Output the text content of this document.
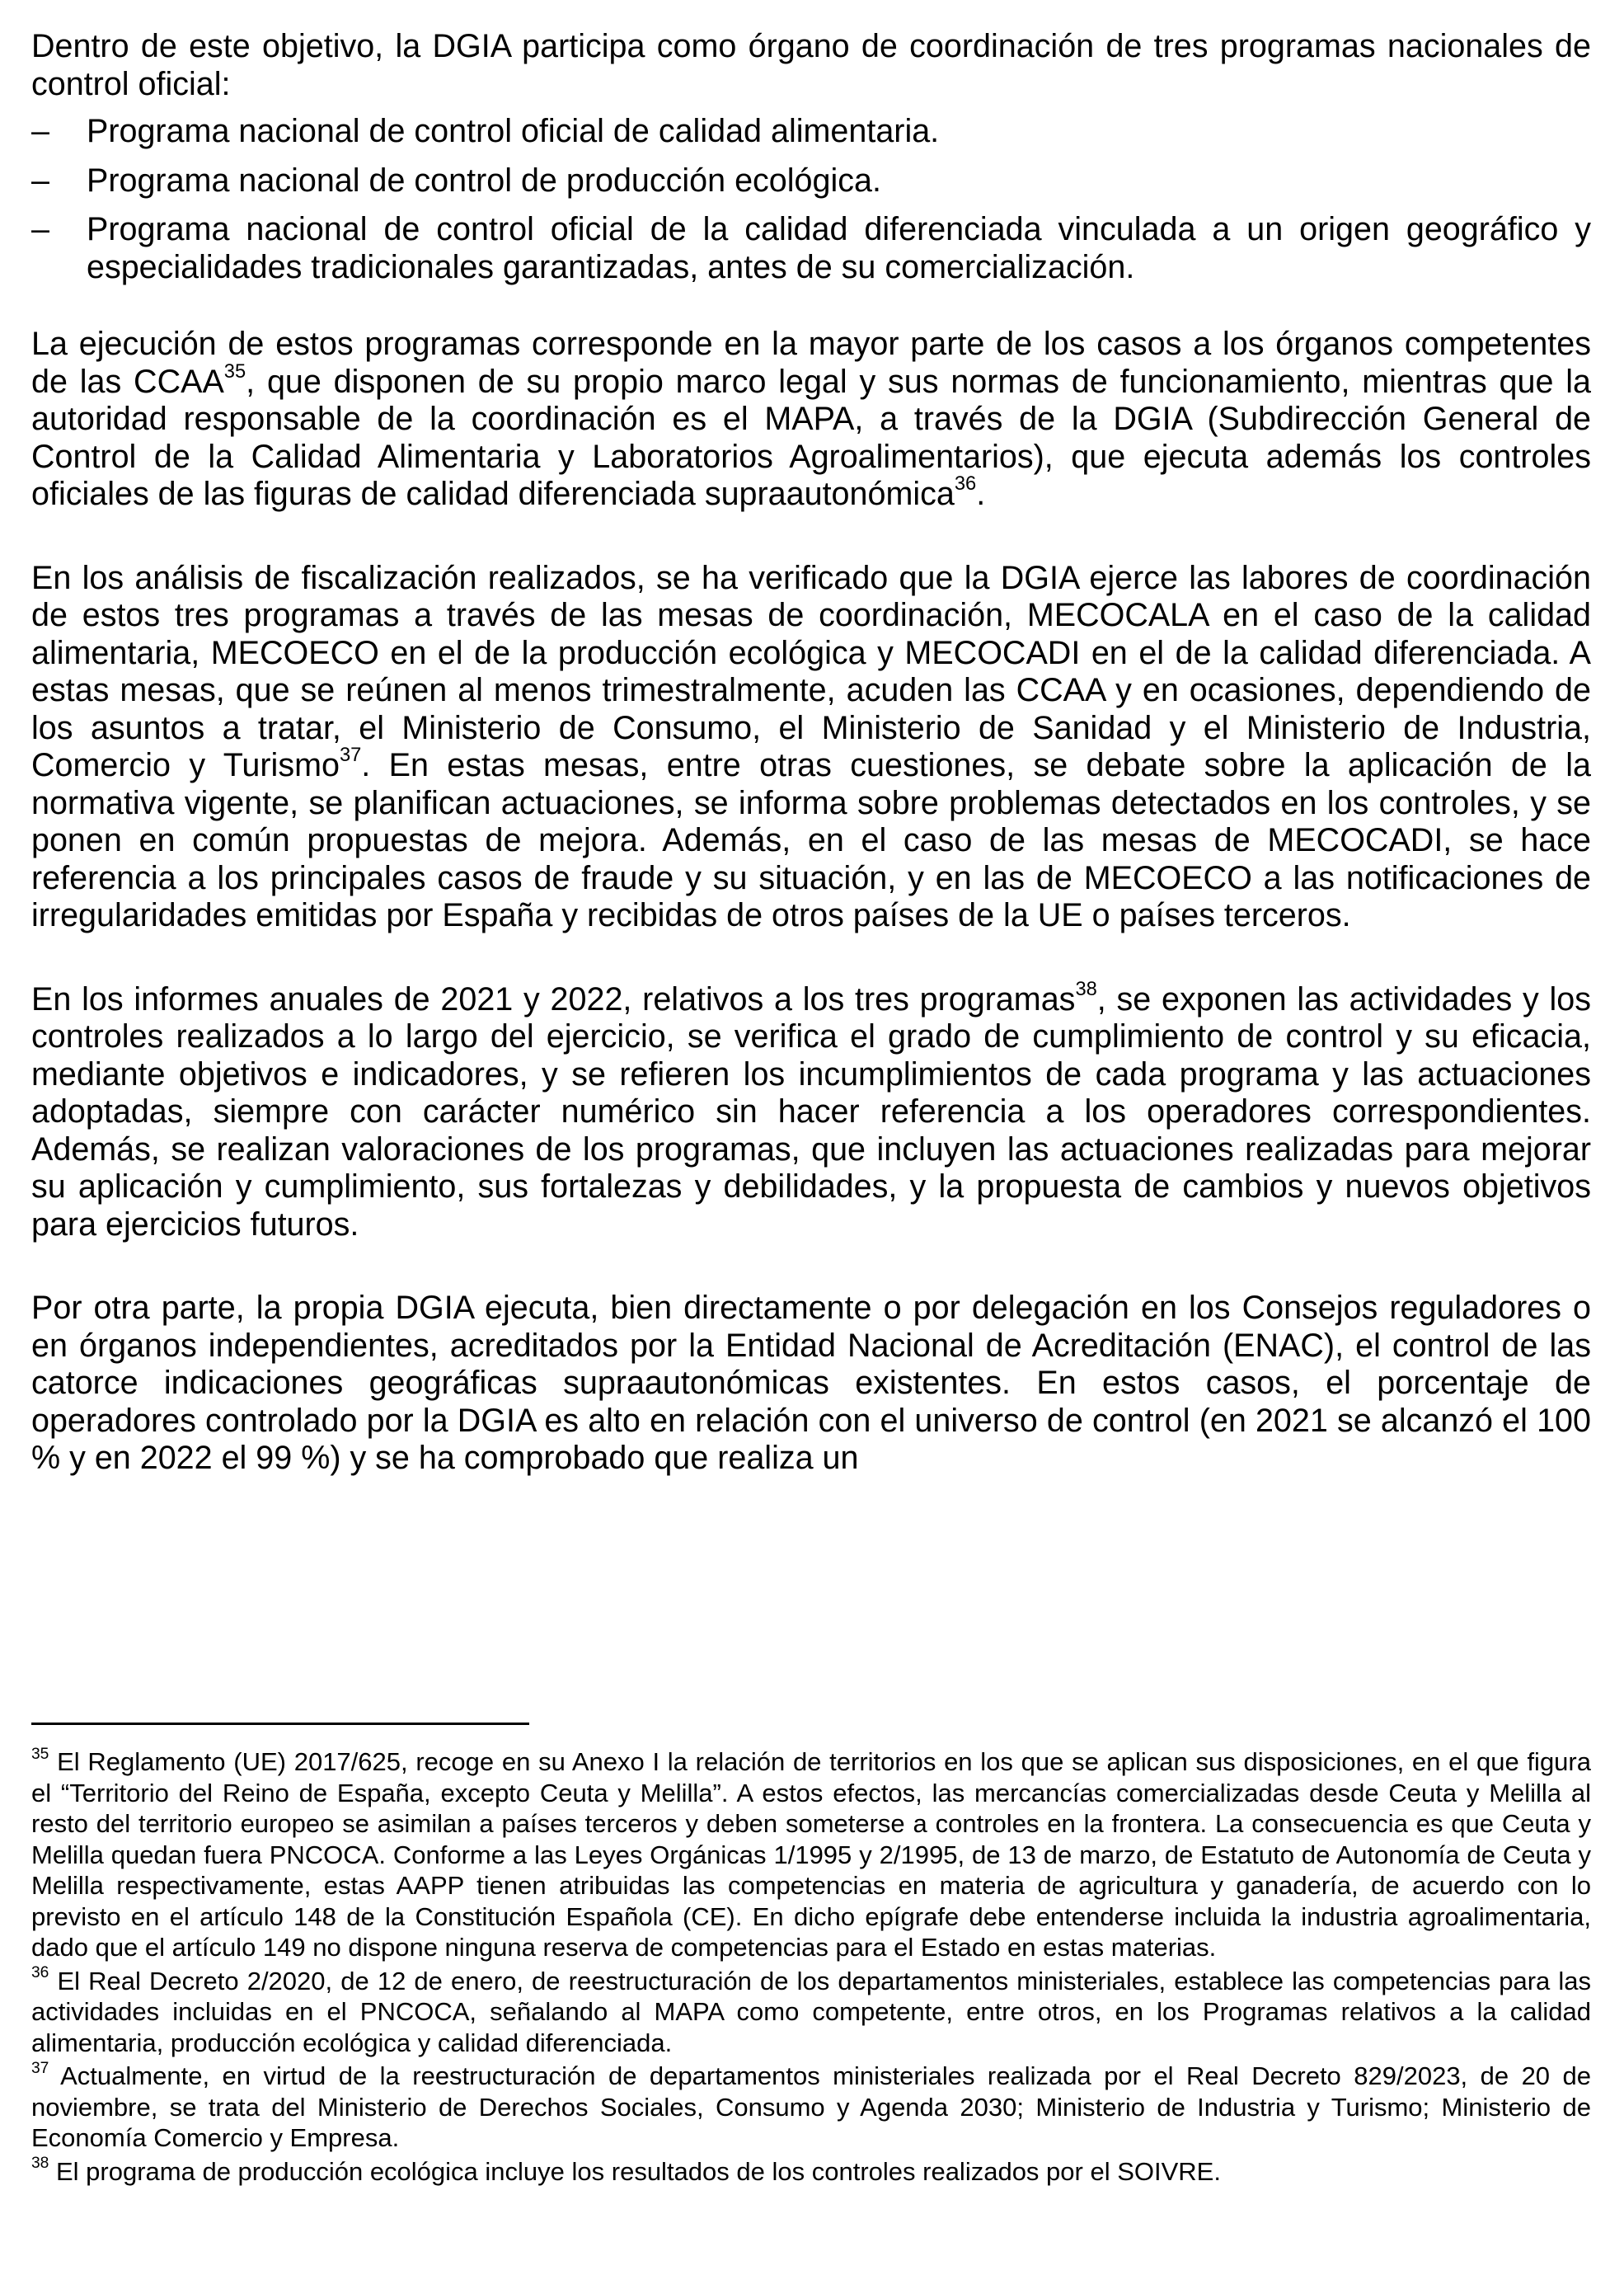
Dentro de este objetivo, la DGIA participa como órgano de coordinación de tres programas nacionales de control oficial:

– Programa nacional de control oficial de calidad alimentaria.
– Programa nacional de control de producción ecológica.
– Programa nacional de control oficial de la calidad diferenciada vinculada a un origen geográfico y especialidades tradicionales garantizadas, antes de su comercialización.

La ejecución de estos programas corresponde en la mayor parte de los casos a los órganos competentes de las CCAA$^{35}$, que disponen de su propio marco legal y sus normas de funcionamiento, mientras que la autoridad responsable de la coordinación es el MAPA, a través de la DGIA (Subdirección General de Control de la Calidad Alimentaria y Laboratorios Agroalimentarios), que ejecuta además los controles oficiales de las figuras de calidad diferenciada supraautonómica$^{36}$.

En los análisis de fiscalización realizados, se ha verificado que la DGIA ejerce las labores de coordinación de estos tres programas a través de las mesas de coordinación, MECOCALA en el caso de la calidad alimentaria, MECOECO en el de la producción ecológica y MECOCADI en el de la calidad diferenciada. A estas mesas, que se reúnen al menos trimestralmente, acuden las CCAA y en ocasiones, dependiendo de los asuntos a tratar, el Ministerio de Consumo, el Ministerio de Sanidad y el Ministerio de Industria, Comercio y Turismo$^{37}$. En estas mesas, entre otras cuestiones, se debate sobre la aplicación de la normativa vigente, se planifican actuaciones, se informa sobre problemas detectados en los controles, y se ponen en común propuestas de mejora. Además, en el caso de las mesas de MECOCADI, se hace referencia a los principales casos de fraude y su situación, y en las de MECOECO a las notificaciones de irregularidades emitidas por España y recibidas de otros países de la UE o países terceros.

En los informes anuales de 2021 y 2022, relativos a los tres programas$^{38}$, se exponen las actividades y los controles realizados a lo largo del ejercicio, se verifica el grado de cumplimiento de control y su eficacia, mediante objetivos e indicadores, y se refieren los incumplimientos de cada programa y las actuaciones adoptadas, siempre con carácter numérico sin hacer referencia a los operadores correspondientes. Además, se realizan valoraciones de los programas, que incluyen las actuaciones realizadas para mejorar su aplicación y cumplimiento, sus fortalezas y debilidades, y la propuesta de cambios y nuevos objetivos para ejercicios futuros.

Por otra parte, la propia DGIA ejecuta, bien directamente o por delegación en los Consejos reguladores o en órganos independientes, acreditados por la Entidad Nacional de Acreditación (ENAC), el control de las catorce indicaciones geográficas supraautonómicas existentes. En estos casos, el porcentaje de operadores controlado por la DGIA es alto en relación con el universo de control (en 2021 se alcanzó el 100 % y en 2022 el 99 %) y se ha comprobado que realiza un

$^{35}$ El Reglamento (UE) 2017/625, recoge en su Anexo I la relación de territorios en los que se aplican sus disposiciones, en el que figura el “Territorio del Reino de España, excepto Ceuta y Melilla”. A estos efectos, las mercancías comercializadas desde Ceuta y Melilla al resto del territorio europeo se asimilan a países terceros y deben someterse a controles en la frontera. La consecuencia es que Ceuta y Melilla quedan fuera PNCOCA. Conforme a las Leyes Orgánicas 1/1995 y 2/1995, de 13 de marzo, de Estatuto de Autonomía de Ceuta y Melilla respectivamente, estas AAPP tienen atribuidas las competencias en materia de agricultura y ganadería, de acuerdo con lo previsto en el artículo 148 de la Constitución Española (CE). En dicho epígrafe debe entenderse incluida la industria agroalimentaria, dado que el artículo 149 no dispone ninguna reserva de competencias para el Estado en estas materias.

$^{36}$ El Real Decreto 2/2020, de 12 de enero, de reestructuración de los departamentos ministeriales, establece las competencias para las actividades incluidas en el PNCOCA, señalando al MAPA como competente, entre otros, en los Programas relativos a la calidad alimentaria, producción ecológica y calidad diferenciada.

$^{37}$ Actualmente, en virtud de la reestructuración de departamentos ministeriales realizada por el Real Decreto 829/2023, de 20 de noviembre, se trata del Ministerio de Derechos Sociales, Consumo y Agenda 2030; Ministerio de Industria y Turismo; Ministerio de Economía Comercio y Empresa.

$^{38}$ El programa de producción ecológica incluye los resultados de los controles realizados por el SOIVRE.
